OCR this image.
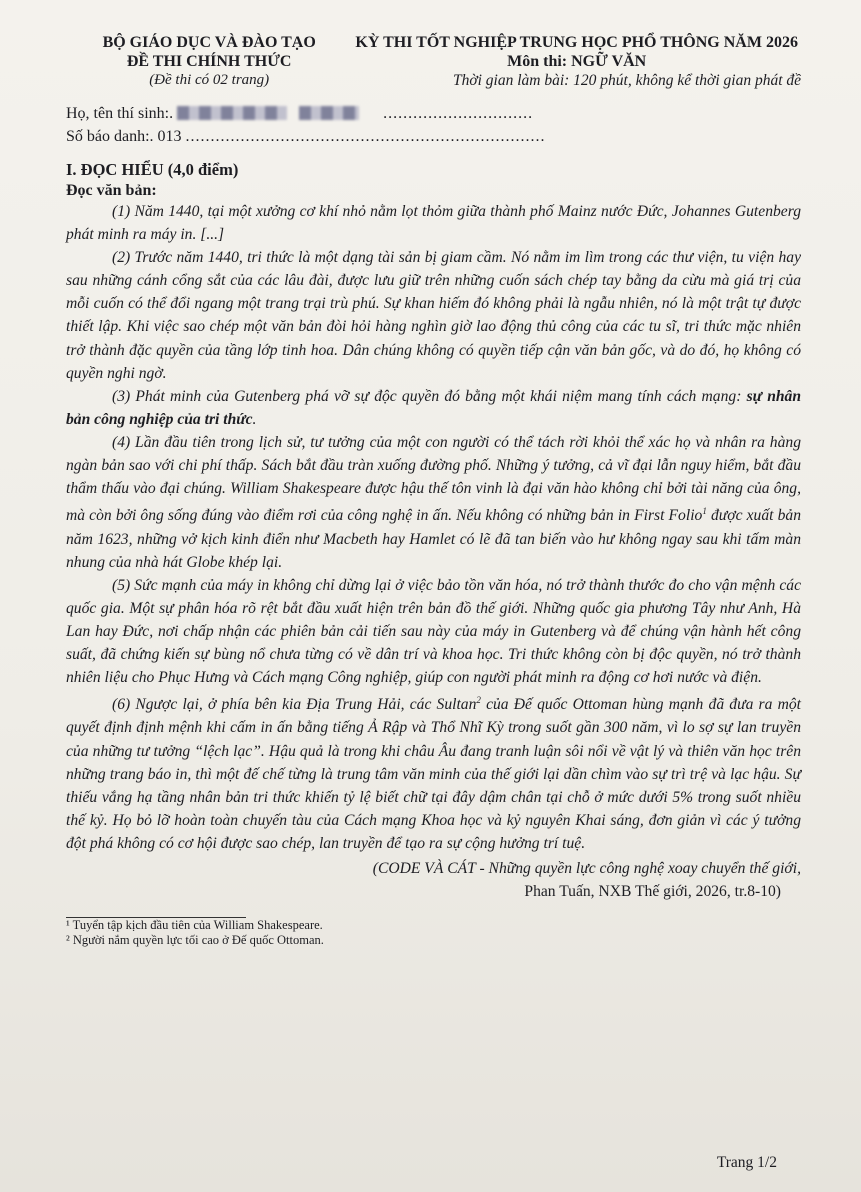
BỘ GIÁO DỤC VÀ ĐÀO TẠO
ĐỀ THI CHÍNH THỨC
(Đề thi có 02 trang)
KỲ THI TỐT NGHIỆP TRUNG HỌC PHỔ THÔNG NĂM 2026
Môn thi: NGỮ VĂN
Thời gian làm bài: 120 phút, không kể thời gian phát đề
Họ, tên thí sinh:.	..............................
Số báo danh:. 013 ........................................................................
I. ĐỌC HIỂU (4,0 điểm)
Đọc văn bản:

(1) Năm 1440, tại một xưởng cơ khí nhỏ nằm lọt thỏm giữa thành phố Mainz nước Đức, Johannes Gutenberg phát minh ra máy in. [...]

(2) Trước năm 1440, tri thức là một dạng tài sản bị giam cầm. Nó nằm im lìm trong các thư viện, tu viện hay sau những cánh cổng sắt của các lâu đài, được lưu giữ trên những cuốn sách chép tay bằng da cừu mà giá trị của mỗi cuốn có thể đổi ngang một trang trại trù phú. Sự khan hiếm đó không phải là ngẫu nhiên, nó là một trật tự được thiết lập. Khi việc sao chép một văn bản đòi hỏi hàng nghìn giờ lao động thủ công của các tu sĩ, tri thức mặc nhiên trở thành đặc quyền của tầng lớp tinh hoa. Dân chúng không có quyền tiếp cận văn bản gốc, và do đó, họ không có quyền nghi ngờ.

(3) Phát minh của Gutenberg phá vỡ sự độc quyền đó bằng một khái niệm mang tính cách mạng: sự nhân bản công nghiệp của tri thức.

(4) Lần đầu tiên trong lịch sử, tư tưởng của một con người có thể tách rời khỏi thể xác họ và nhân ra hàng ngàn bản sao với chi phí thấp. Sách bắt đầu tràn xuống đường phố. Những ý tưởng, cả vĩ đại lẫn nguy hiểm, bắt đầu thẩm thấu vào đại chúng. William Shakespeare được hậu thế tôn vinh là đại văn hào không chỉ bởi tài năng của ông, mà còn bởi ông sống đúng vào điểm rơi của công nghệ in ấn. Nếu không có những bản in First Folio$^1$ được xuất bản năm 1623, những vở kịch kinh điển như Macbeth hay Hamlet có lẽ đã tan biến vào hư không ngay sau khi tấm màn nhung của nhà hát Globe khép lại.

(5) Sức mạnh của máy in không chỉ dừng lại ở việc bảo tồn văn hóa, nó trở thành thước đo cho vận mệnh các quốc gia. Một sự phân hóa rõ rệt bắt đầu xuất hiện trên bản đồ thế giới. Những quốc gia phương Tây như Anh, Hà Lan hay Đức, nơi chấp nhận các phiên bản cải tiến sau này của máy in Gutenberg và để chúng vận hành hết công suất, đã chứng kiến sự bùng nổ chưa từng có về dân trí và khoa học. Tri thức không còn bị độc quyền, nó trở thành nhiên liệu cho Phục Hưng và Cách mạng Công nghiệp, giúp con người phát minh ra động cơ hơi nước và điện.

(6) Ngược lại, ở phía bên kia Địa Trung Hải, các Sultan$^2$ của Đế quốc Ottoman hùng mạnh đã đưa ra một quyết định định mệnh khi cấm in ấn bằng tiếng Ả Rập và Thổ Nhĩ Kỳ trong suốt gần 300 năm, vì lo sợ sự lan truyền của những tư tưởng “lệch lạc”. Hậu quả là trong khi châu Âu đang tranh luận sôi nổi về vật lý và thiên văn học trên những trang báo in, thì một đế chế từng là trung tâm văn minh của thế giới lại dần chìm vào sự trì trệ và lạc hậu. Sự thiếu vắng hạ tầng nhân bản tri thức khiến tỷ lệ biết chữ tại đây dậm chân tại chỗ ở mức dưới 5% trong suốt nhiều thế kỷ. Họ bỏ lỡ hoàn toàn chuyến tàu của Cách mạng Khoa học và kỷ nguyên Khai sáng, đơn giản vì các ý tưởng đột phá không có cơ hội được sao chép, lan truyền để tạo ra sự cộng hưởng trí tuệ.

(CODE VÀ CÁT - Những quyền lực công nghệ xoay chuyển thế giới,
Phan Tuấn, NXB Thế giới, 2026, tr.8-10)
¹ Tuyển tập kịch đầu tiên của William Shakespeare.
² Người nắm quyền lực tối cao ở Đế quốc Ottoman.
Trang 1/2
